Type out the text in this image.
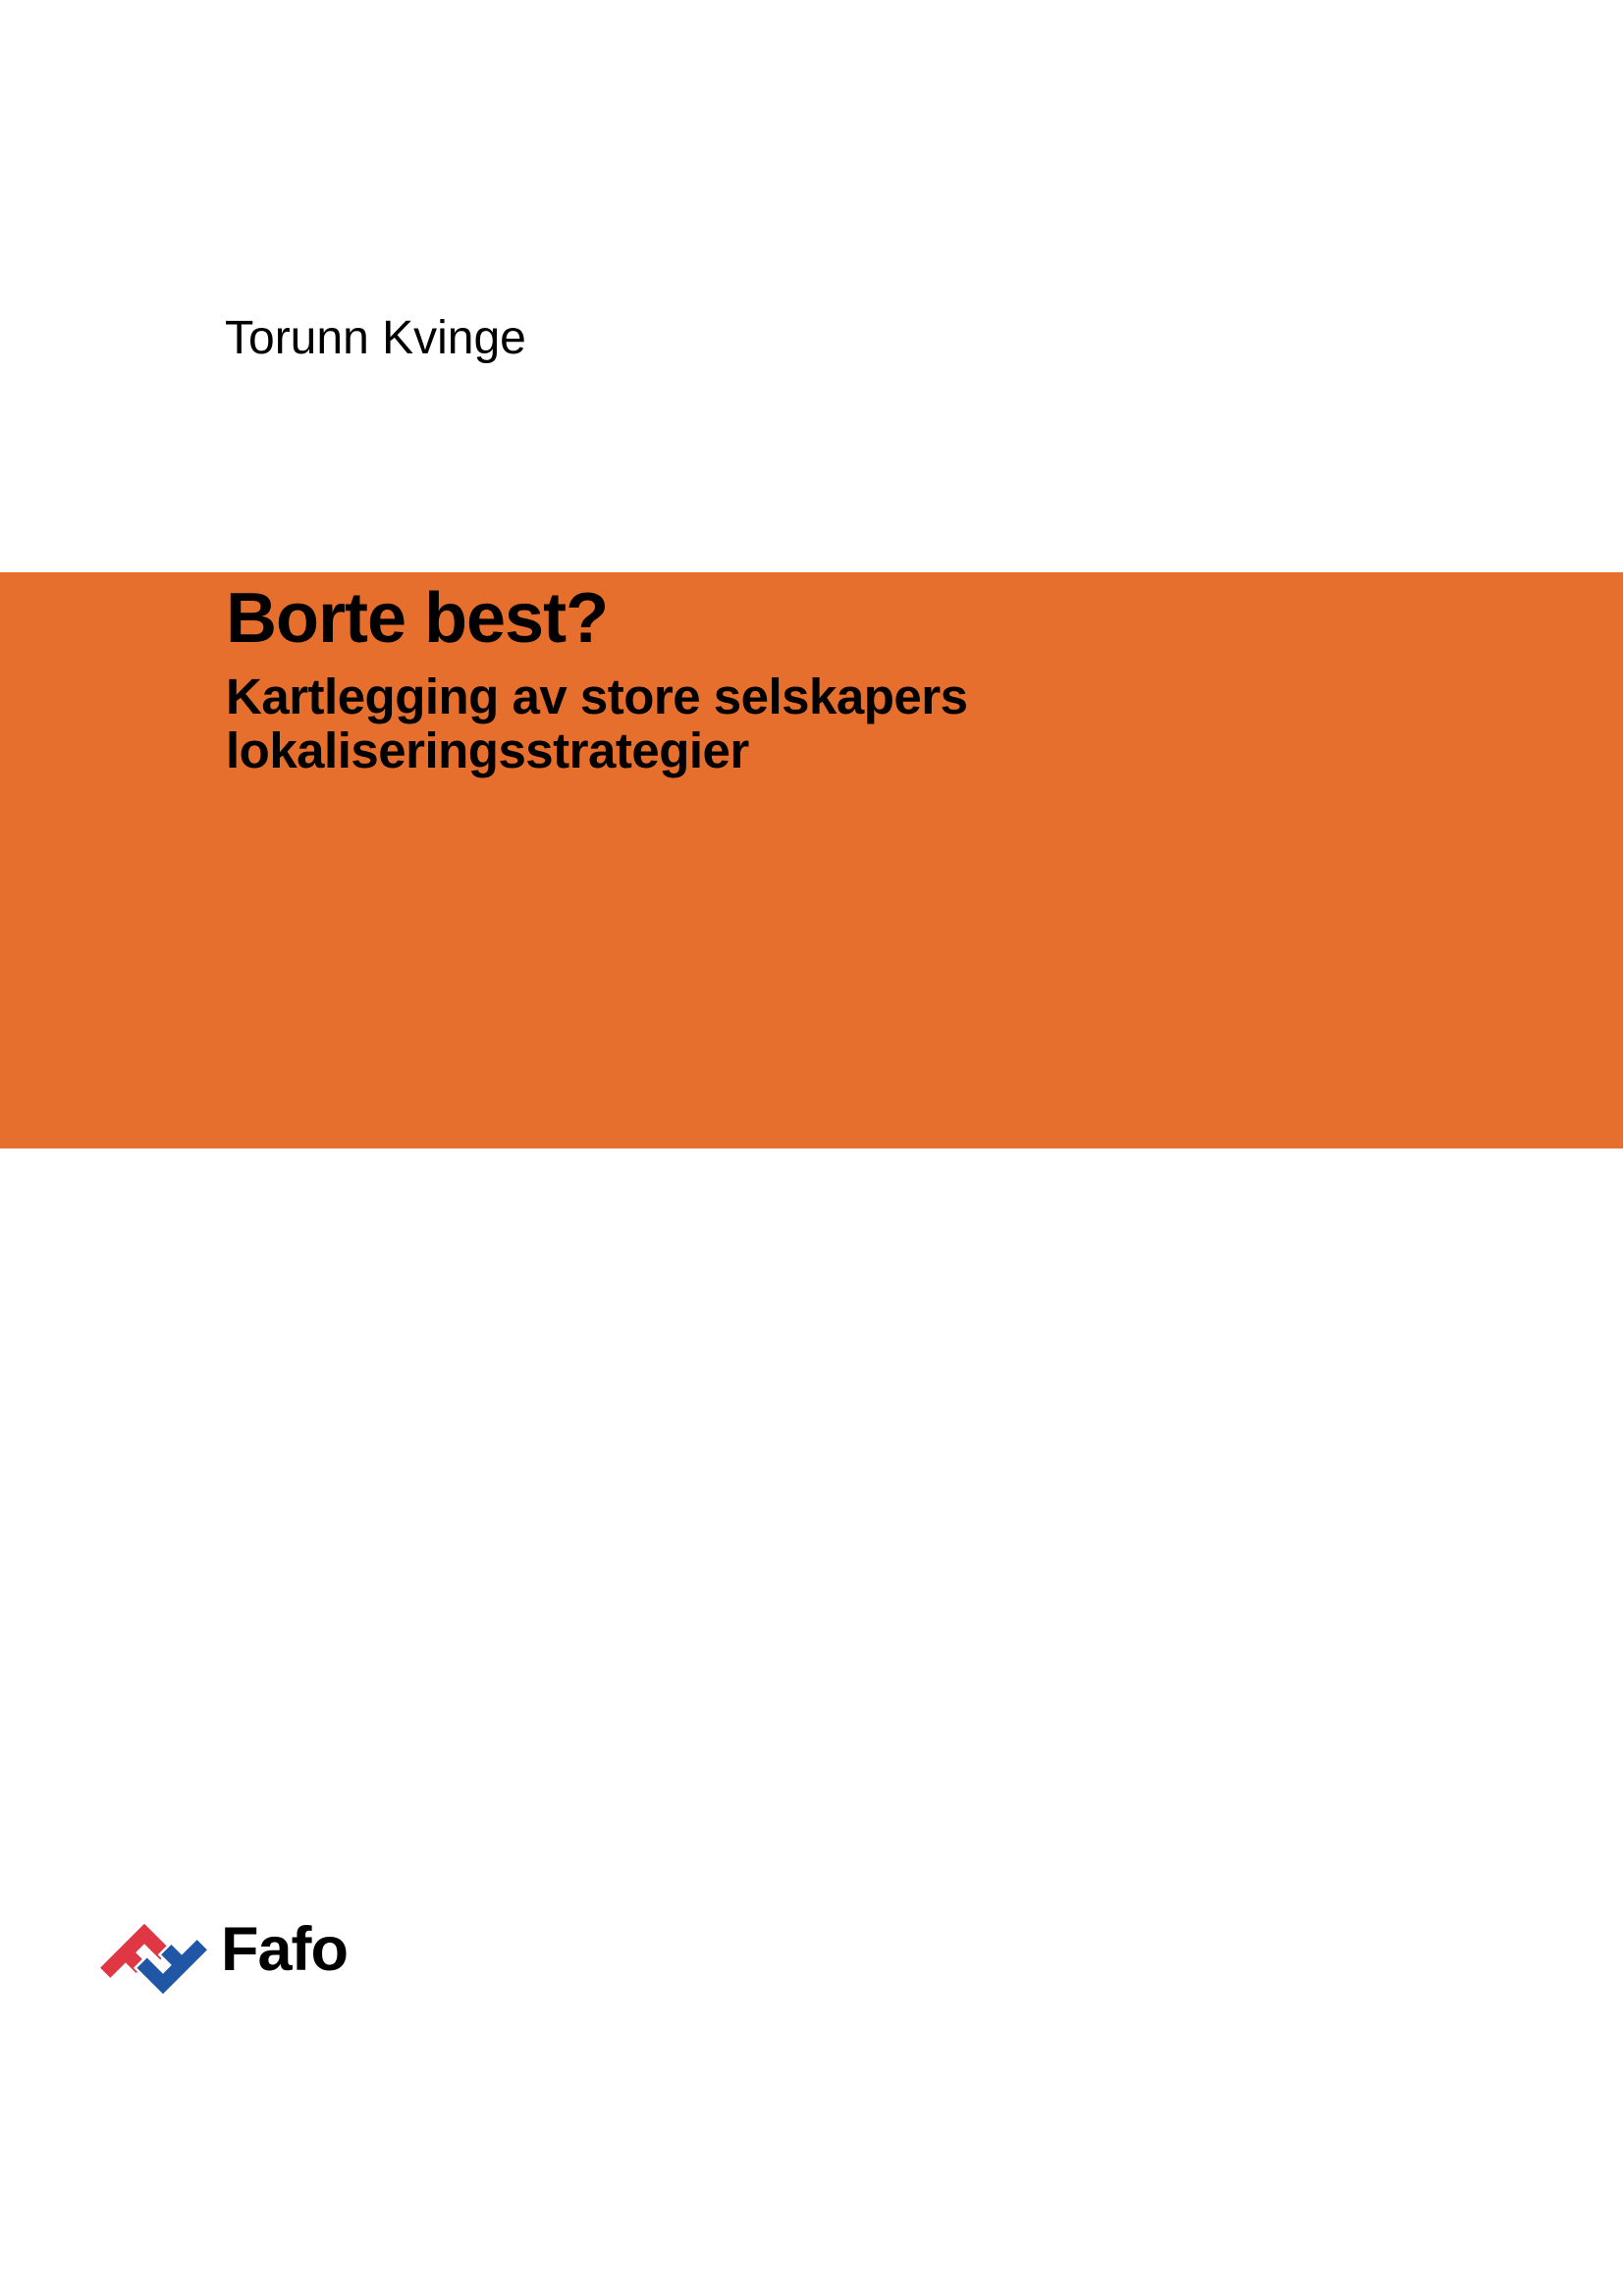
Torunn Kvinge
Borte best?
Kartlegging av store selskapers
lokaliseringsstrategier
Fafo
